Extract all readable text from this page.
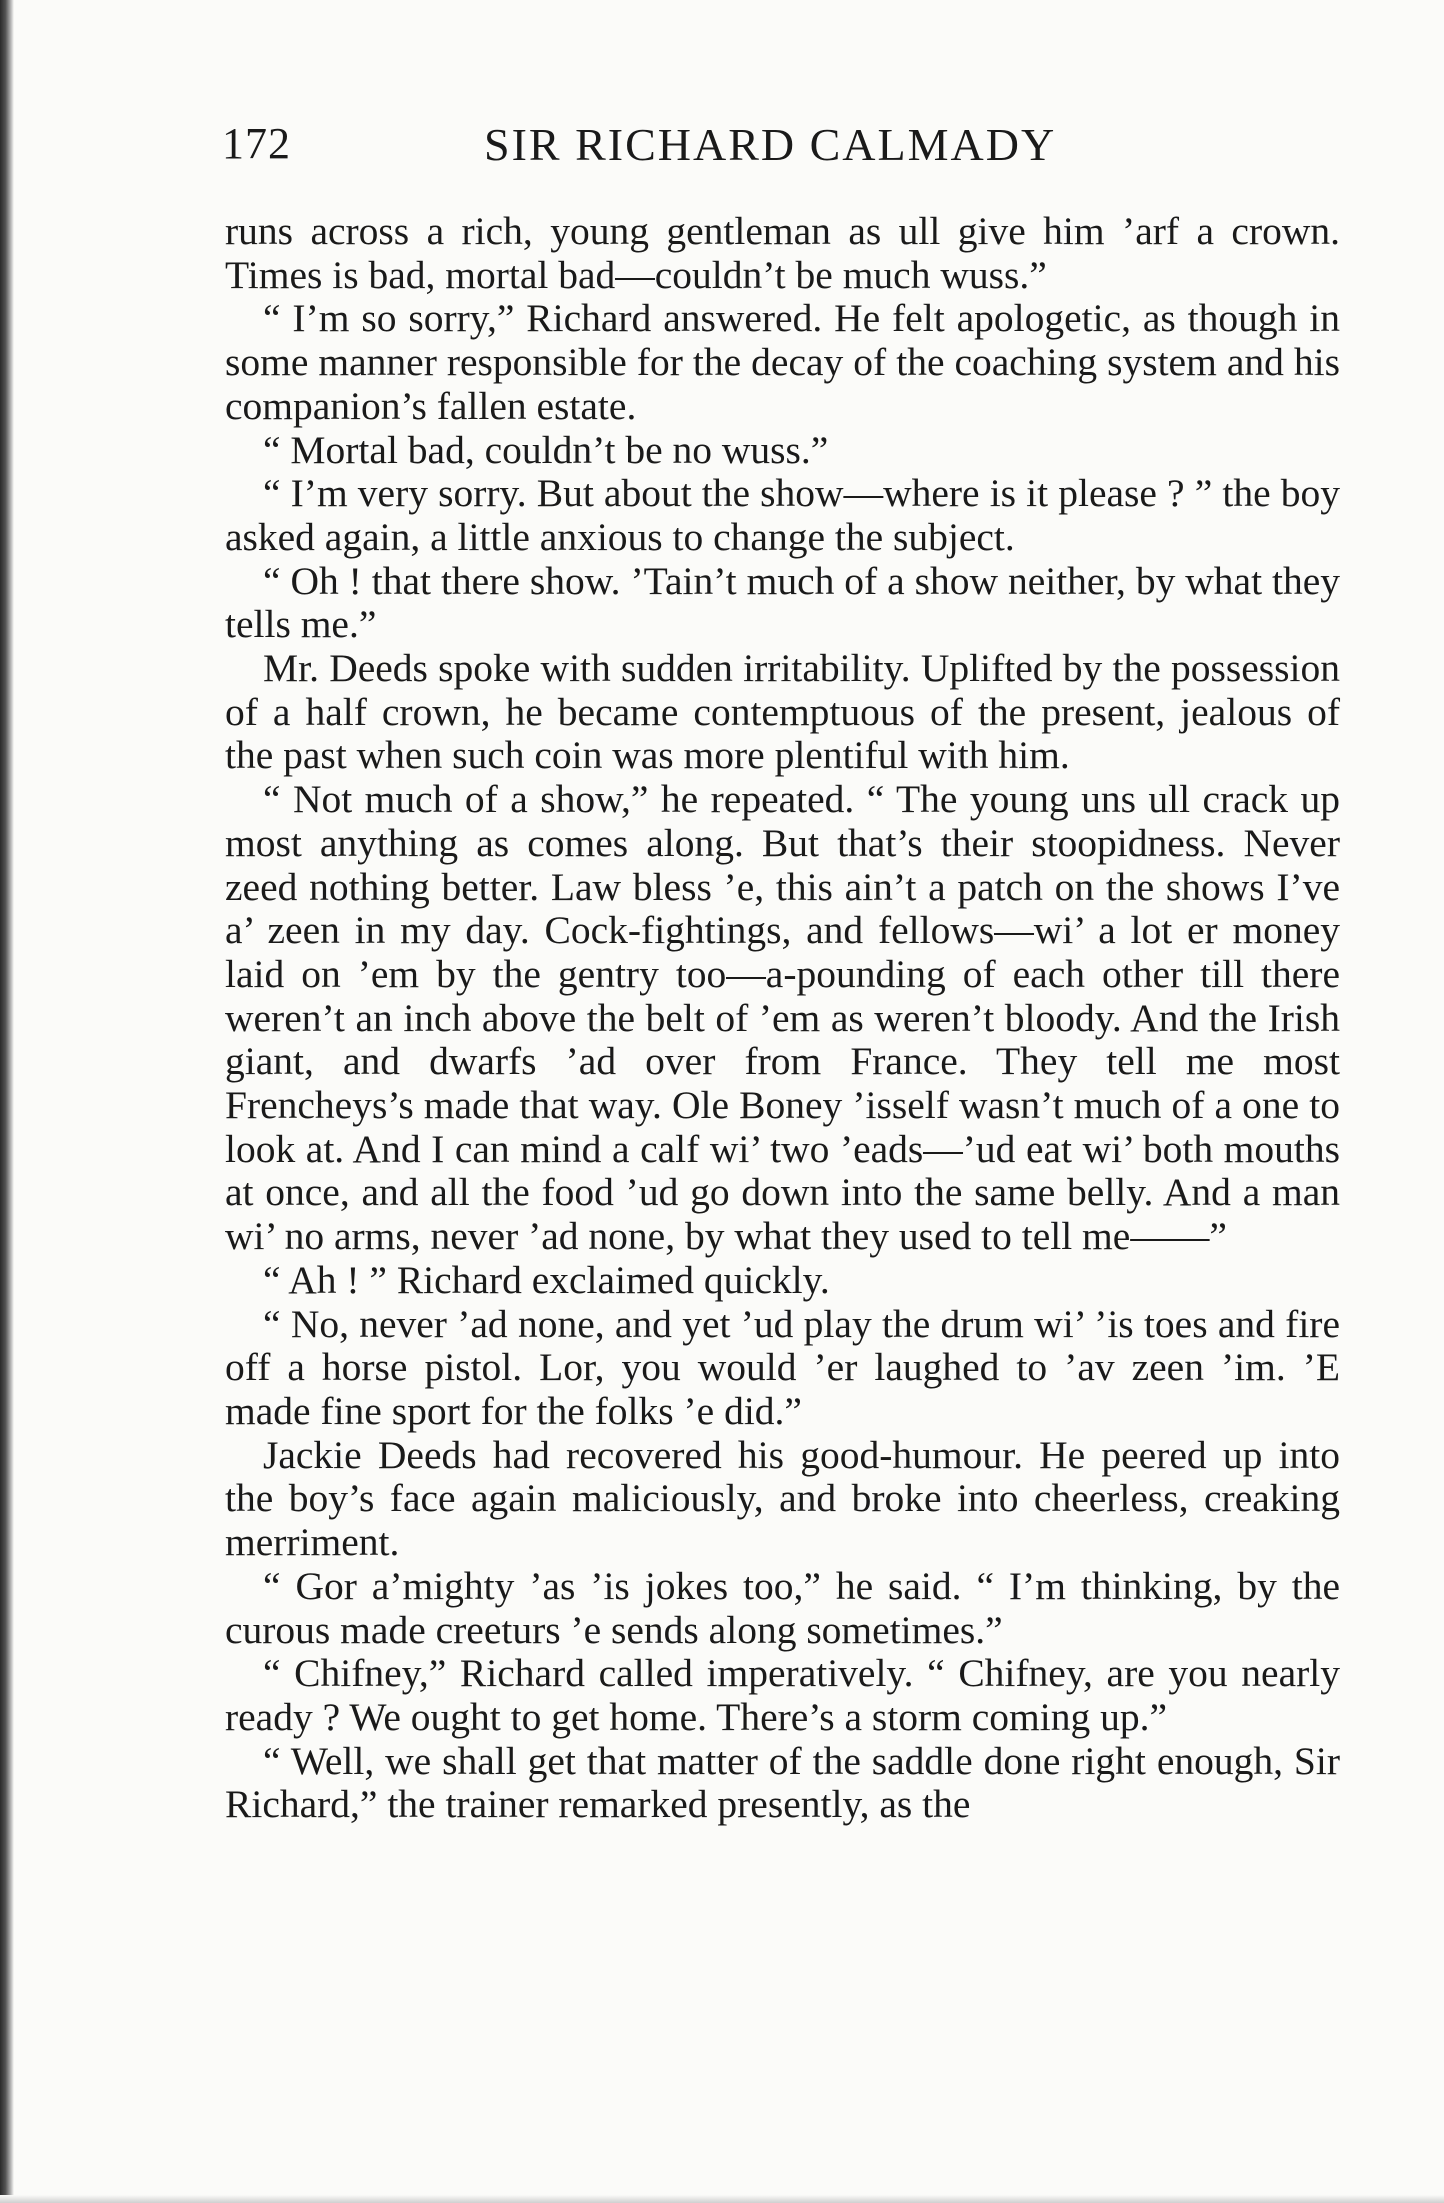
172	SIR RICHARD CALMADY

runs across a rich, young gentleman as ull give him ’arf a crown. Times is bad, mortal bad—couldn’t be much wuss.”

“ I’m so sorry,” Richard answered. He felt apologetic, as though in some manner responsible for the decay of the coaching system and his companion’s fallen estate.

“ Mortal bad, couldn’t be no wuss.”

“ I’m very sorry. But about the show—where is it please ? ” the boy asked again, a little anxious to change the subject.

“ Oh ! that there show. ’Tain’t much of a show neither, by what they tells me.”

Mr. Deeds spoke with sudden irritability. Uplifted by the possession of a half crown, he became contemptuous of the present, jealous of the past when such coin was more plentiful with him.

“ Not much of a show,” he repeated. “ The young uns ull crack up most anything as comes along. But that’s their stoopidness. Never zeed nothing better. Law bless ’e, this ain’t a patch on the shows I’ve a’ zeen in my day. Cock-fightings, and fellows—wi’ a lot er money laid on ’em by the gentry too—a-pounding of each other till there weren’t an inch above the belt of ’em as weren’t bloody. And the Irish giant, and dwarfs ’ad over from France. They tell me most Frencheys’s made that way. Ole Boney ’isself wasn’t much of a one to look at. And I can mind a calf wi’ two ’eads—’ud eat wi’ both mouths at once, and all the food ’ud go down into the same belly. And a man wi’ no arms, never ’ad none, by what they used to tell me——”

“ Ah ! ” Richard exclaimed quickly.

“ No, never ’ad none, and yet ’ud play the drum wi’ ’is toes and fire off a horse pistol. Lor, you would ’er laughed to ’av zeen ’im. ’E made fine sport for the folks ’e did.”

Jackie Deeds had recovered his good-humour. He peered up into the boy’s face again maliciously, and broke into cheerless, creaking merriment.

“ Gor a’mighty ’as ’is jokes too,” he said. “ I’m thinking, by the curous made creeturs ’e sends along sometimes.”

“ Chifney,” Richard called imperatively. “ Chifney, are you nearly ready ? We ought to get home. There’s a storm coming up.”

“ Well, we shall get that matter of the saddle done right enough, Sir Richard,” the trainer remarked presently, as the
